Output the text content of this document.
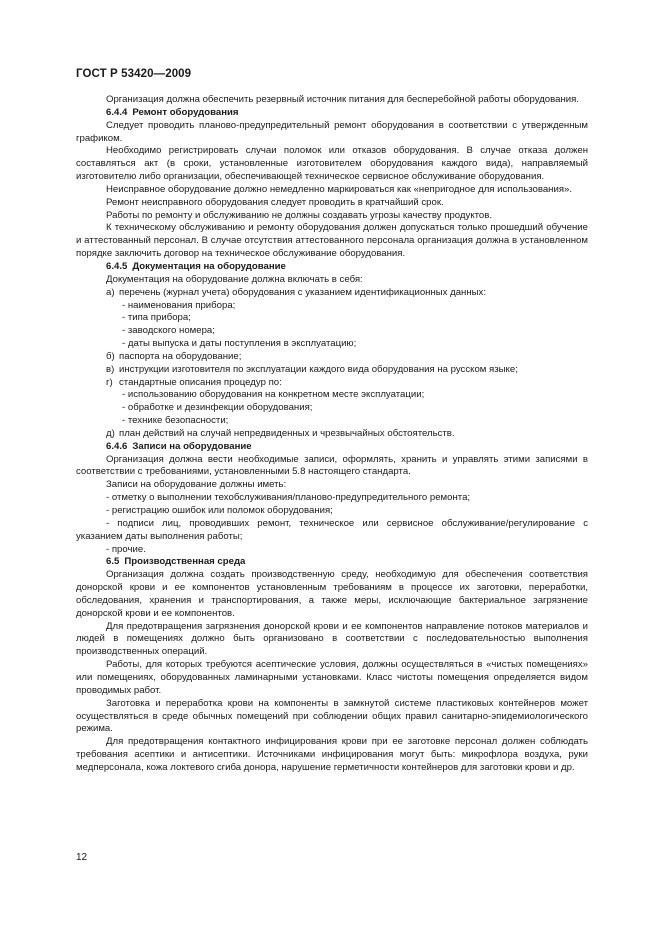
ГОСТ Р 53420—2009

Организация должна обеспечить резервный источник питания для бесперебойной работы оборудования.

6.4.4 Ремонт оборудования

Следует проводить планово-предупредительный ремонт оборудования в соответствии с утвержденным графиком.

Необходимо регистрировать случаи поломок или отказов оборудования. В случае отказа должен составляться акт (в сроки, установленные изготовителем оборудования каждого вида), направляемый изготовителю либо организации, обеспечивающей техническое сервисное обслуживание оборудования.

Неисправное оборудование должно немедленно маркироваться как «непригодное для использования».

Ремонт неисправного оборудования следует проводить в кратчайший срок.

Работы по ремонту и обслуживанию не должны создавать угрозы качеству продуктов.

К техническому обслуживанию и ремонту оборудования должен допускаться только прошедший обучение и аттестованный персонал. В случае отсутствия аттестованного персонала организация должна в установленном порядке заключить договор на техническое обслуживание оборудования.

6.4.5 Документация на оборудование

Документация на оборудование должна включать в себя:

а) перечень (журнал учета) оборудования с указанием идентификационных данных:

- наименования прибора;

- типа прибора;

- заводского номера;

- даты выпуска и даты поступления в эксплуатацию;

б) паспорта на оборудование;

в) инструкции изготовителя по эксплуатации каждого вида оборудования на русском языке;

г) стандартные описания процедур по:

- использованию оборудования на конкретном месте эксплуатации;

- обработке и дезинфекции оборудования;

- технике безопасности;

д) план действий на случай непредвиденных и чрезвычайных обстоятельств.

6.4.6 Записи на оборудование

Организация должна вести необходимые записи, оформлять, хранить и управлять этими записями в соответствии с требованиями, установленными 5.8 настоящего стандарта.

Записи на оборудование должны иметь:

- отметку о выполнении техобслуживания/планово-предупредительного ремонта;

- регистрацию ошибок или поломок оборудования;

- подписи лиц, проводивших ремонт, техническое или сервисное обслуживание/регулирование с указанием даты выполнения работы;

- прочие.

6.5 Производственная среда

Организация должна создать производственную среду, необходимую для обеспечения соответствия донорской крови и ее компонентов установленным требованиям в процессе их заготовки, переработки, обследования, хранения и транспортирования, а также меры, исключающие бактериальное загрязнение донорской крови и ее компонентов.

Для предотвращения загрязнения донорской крови и ее компонентов направление потоков материалов и людей в помещениях должно быть организовано в соответствии с последовательностью выполнения производственных операций.

Работы, для которых требуются асептические условия, должны осуществляться в «чистых помещениях» или помещениях, оборудованных ламинарными установками. Класс чистоты помещения определяется видом проводимых работ.

Заготовка и переработка крови на компоненты в замкнутой системе пластиковых контейнеров может осуществляться в среде обычных помещений при соблюдении общих правил санитарно-эпидемиологического режима.

Для предотвращения контактного инфицирования крови при ее заготовке персонал должен соблюдать требования асептики и антисептики. Источниками инфицирования могут быть: микрофлора воздуха, руки медперсонала, кожа локтевого сгиба донора, нарушение герметичности контейнеров для заготовки крови и др.

12
